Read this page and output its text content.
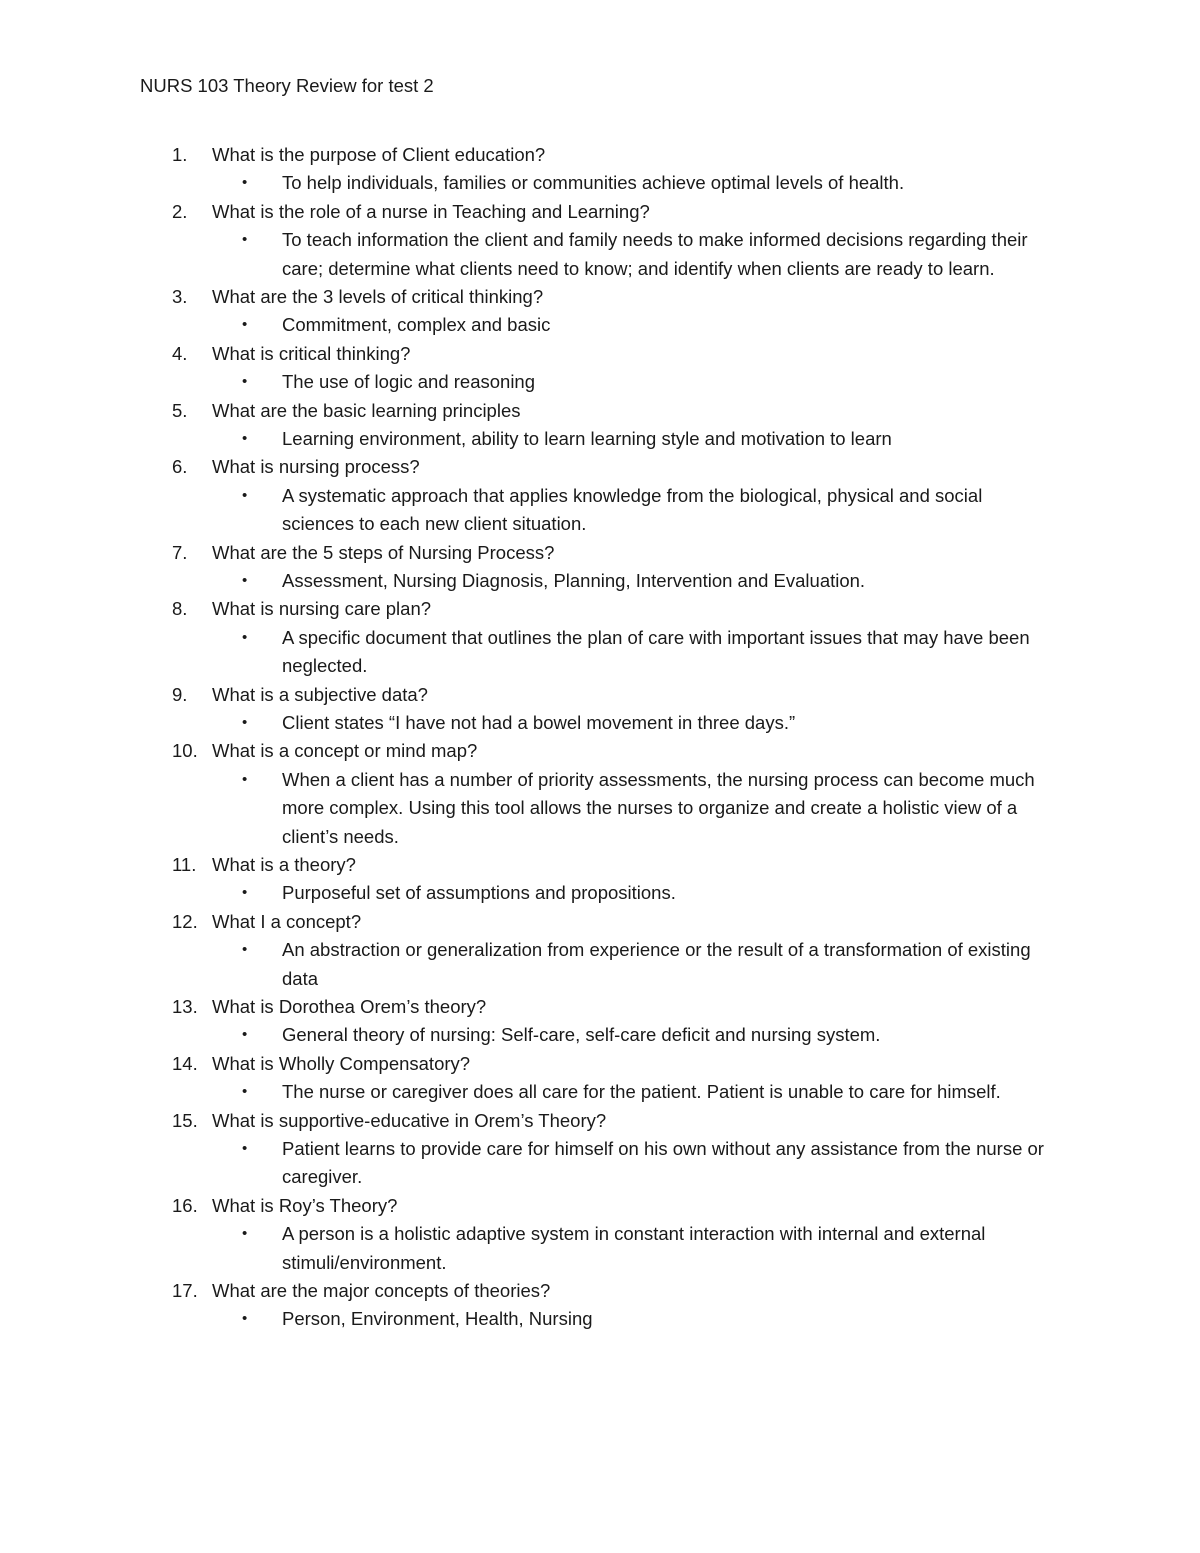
NURS 103 Theory Review for test 2
1. What is the purpose of Client education?
• To help individuals, families or communities achieve optimal levels of health.
2. What is the role of a nurse in Teaching and Learning?
• To teach information the client and family needs to make informed decisions regarding their care; determine what clients need to know; and identify when clients are ready to learn.
3. What are the 3 levels of critical thinking?
• Commitment, complex and basic
4. What is critical thinking?
• The use of logic and reasoning
5. What are the basic learning principles
• Learning environment, ability to learn learning style and motivation to learn
6. What is nursing process?
• A systematic approach that applies knowledge from the biological, physical and social sciences to each new client situation.
7. What are the 5 steps of Nursing Process?
• Assessment, Nursing Diagnosis, Planning, Intervention and Evaluation.
8. What is nursing care plan?
• A specific document that outlines the plan of care with important issues that may have been neglected.
9. What is a subjective data?
• Client states “I have not had a bowel movement in three days.”
10. What is a concept or mind map?
• When a client has a number of priority assessments, the nursing process can become much more complex. Using this tool allows the nurses to organize and create a holistic view of a client’s needs.
11. What is a theory?
• Purposeful set of assumptions and propositions.
12. What I a concept?
• An abstraction or generalization from experience or the result of a transformation of existing data
13. What is Dorothea Orem’s theory?
• General theory of nursing: Self-care, self-care deficit and nursing system.
14. What is Wholly Compensatory?
• The nurse or caregiver does all care for the patient. Patient is unable to care for himself.
15. What is supportive-educative in Orem’s Theory?
• Patient learns to provide care for himself on his own without any assistance from the nurse or caregiver.
16. What is Roy’s Theory?
• A person is a holistic adaptive system in constant interaction with internal and external stimuli/environment.
17. What are the major concepts of theories?
• Person, Environment, Health, Nursing
